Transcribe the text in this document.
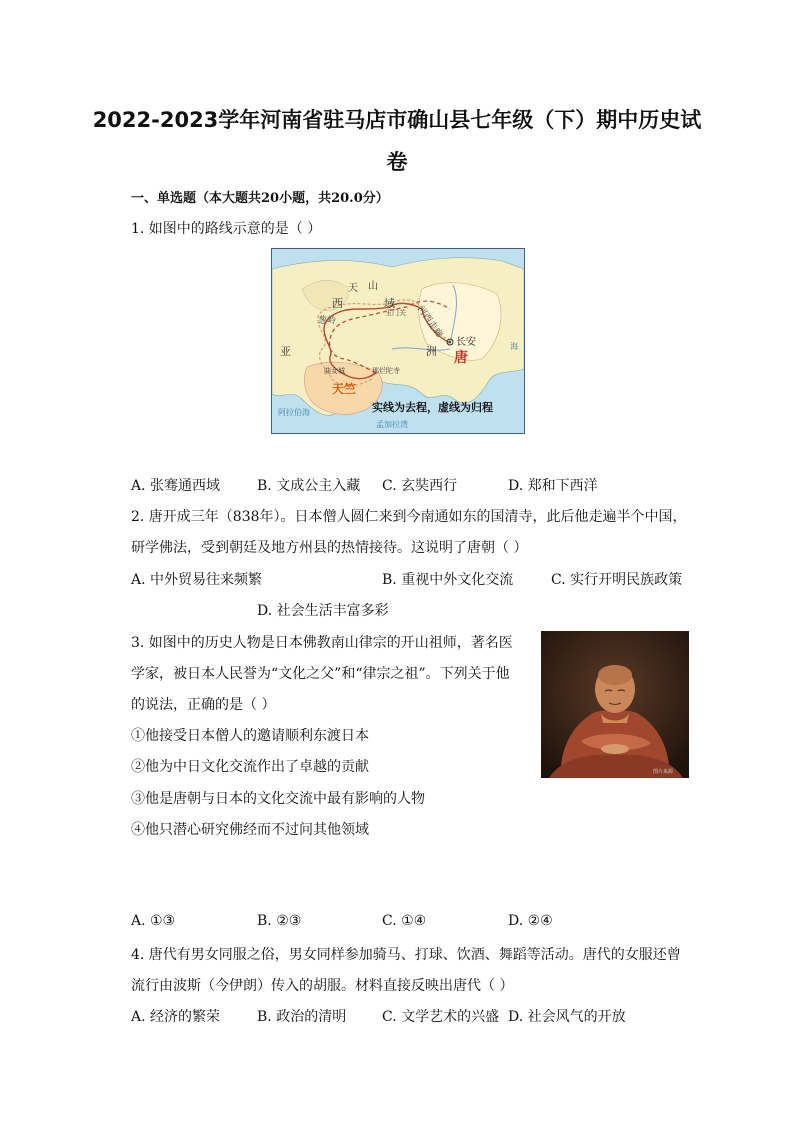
2022-2023学年河南省驻马店市确山县七年级（下）期中历史试
卷
一、单选题（本大题共20小题，共20.0分）
1. 如图中的路线示意的是（ ）
天 山
西	域
葱岭
玉门关 河西走廊
长安
唐
洲
亚
曲女城	那烂陀寺
天竺
阿拉伯海
孟加拉湾
海
实线为去程，虚线为归程
A. 张骞通西域	B. 文成公主入藏 C. 玄奘西行	D. 郑和下西洋
2. 唐开成三年（838年）。日本僧人圆仁来到今南通如东的国清寺，此后他走遍半个中国，
研学佛法，受到朝廷及地方州县的热情接待。这说明了唐朝（ ）
A. 中外贸易往来频繁	B. 重视中外文化交流	C. 实行开明民族政策
D. 社会生活丰富多彩
3. 如图中的历史人物是日本佛教南山律宗的开山祖师，著名医
学家，被日本人民誉为“文化之父”和“律宗之祖”。下列关于他
的说法，正确的是（ ）
①他接受日本僧人的邀请顺利东渡日本
②他为中日文化交流作出了卓越的贡献
③他是唐朝与日本的文化交流中最有影响的人物
④他只潜心研究佛经而不过问其他领域
图片来源
A. ①③	B. ②③	C. ①④	D. ②④
4. 唐代有男女同服之俗，男女同样参加骑马、打球、饮酒、舞蹈等活动。唐代的女服还曾
流行由波斯（今伊朗）传入的胡服。材料直接反映出唐代（ ）
A. 经济的繁荣	B. 政治的清明	C. 文学艺术的兴盛 D. 社会风气的开放
